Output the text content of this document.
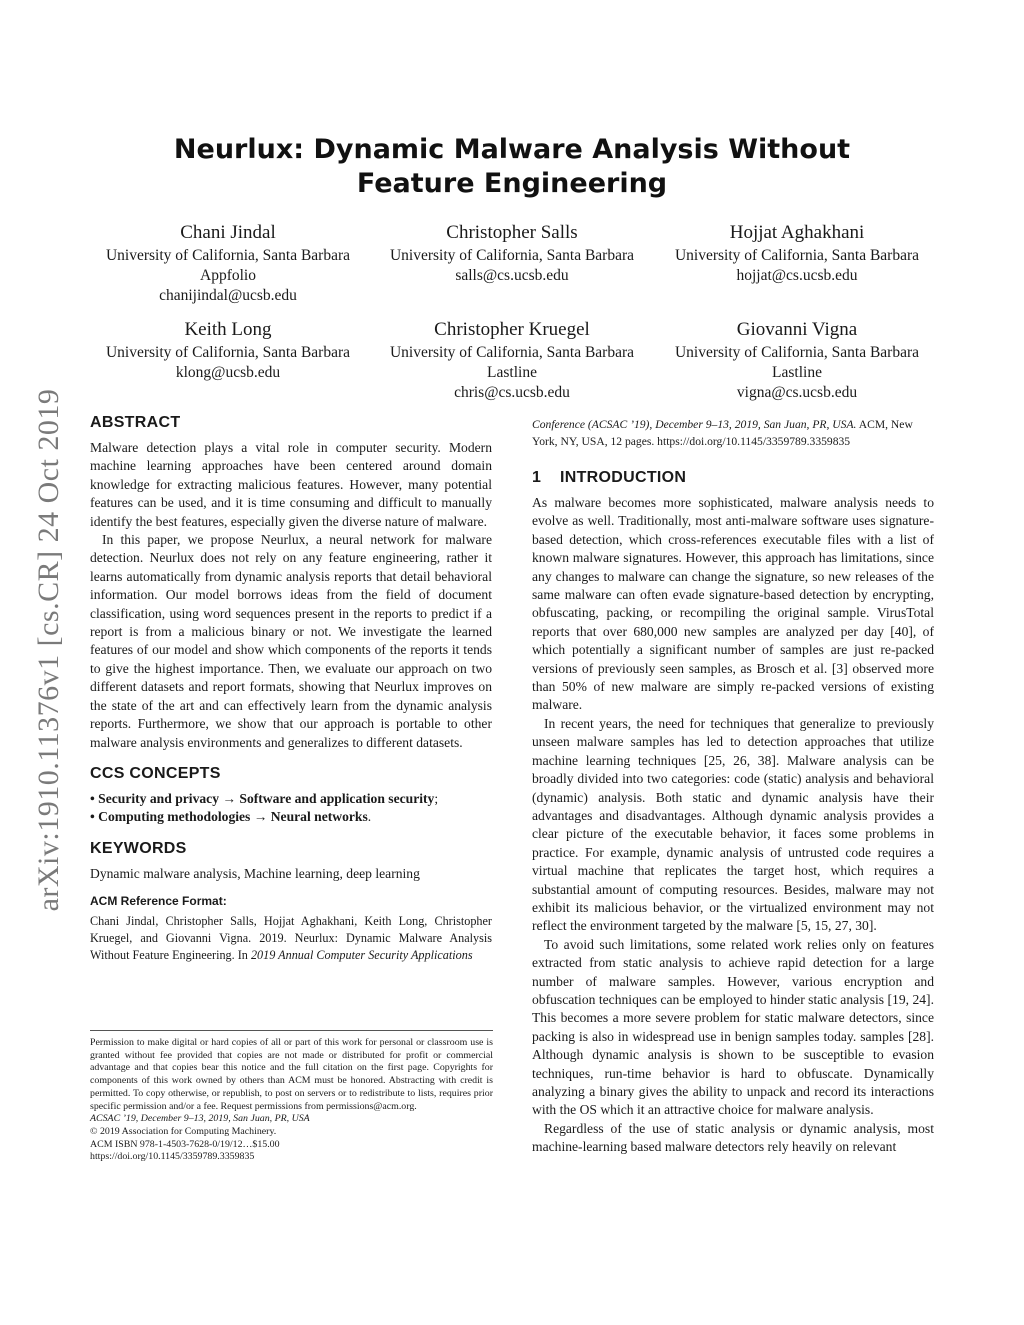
arXiv:1910.11376v1 [cs.CR] 24 Oct 2019
Neurlux: Dynamic Malware Analysis Without Feature Engineering
Chani Jindal
University of California, Santa Barbara
Appfolio
chanijindal@ucsb.edu
Christopher Salls
University of California, Santa Barbara
salls@cs.ucsb.edu
Hojjat Aghakhani
University of California, Santa Barbara
hojjat@cs.ucsb.edu
Keith Long
University of California, Santa Barbara
klong@ucsb.edu
Christopher Kruegel
University of California, Santa Barbara
Lastline
chris@cs.ucsb.edu
Giovanni Vigna
University of California, Santa Barbara
Lastline
vigna@cs.ucsb.edu
ABSTRACT

Malware detection plays a vital role in computer security. Modern machine learning approaches have been centered around domain knowledge for extracting malicious features. However, many potential features can be used, and it is time consuming and difficult to manually identify the best features, especially given the diverse nature of malware.

In this paper, we propose Neurlux, a neural network for malware detection. Neurlux does not rely on any feature engineering, rather it learns automatically from dynamic analysis reports that detail behavioral information. Our model borrows ideas from the field of document classification, using word sequences present in the reports to predict if a report is from a malicious binary or not. We investigate the learned features of our model and show which components of the reports it tends to give the highest importance. Then, we evaluate our approach on two different datasets and report formats, showing that Neurlux improves on the state of the art and can effectively learn from the dynamic analysis reports. Furthermore, we show that our approach is portable to other malware analysis environments and generalizes to different datasets.

CCS CONCEPTS
• Security and privacy → Software and application security;
• Computing methodologies → Neural networks.
KEYWORDS

Dynamic malware analysis, Machine learning, deep learning

ACM Reference Format:

Chani Jindal, Christopher Salls, Hojjat Aghakhani, Keith Long, Christopher Kruegel, and Giovanni Vigna. 2019. Neurlux: Dynamic Malware Analysis Without Feature Engineering. In 2019 Annual Computer Security Applications

Permission to make digital or hard copies of all or part of this work for personal or classroom use is granted without fee provided that copies are not made or distributed for profit or commercial advantage and that copies bear this notice and the full citation on the first page. Copyrights for components of this work owned by others than ACM must be honored. Abstracting with credit is permitted. To copy otherwise, or republish, to post on servers or to redistribute to lists, requires prior specific permission and/or a fee. Request permissions from permissions@acm.org.

ACSAC ’19, December 9–13, 2019, San Juan, PR, USA

© 2019 Association for Computing Machinery.

ACM ISBN 978-1-4503-7628-0/19/12…$15.00

https://doi.org/10.1145/3359789.3359835

Conference (ACSAC ’19), December 9–13, 2019, San Juan, PR, USA. ACM, New York, NY, USA, 12 pages. https://doi.org/10.1145/3359789.3359835

1 INTRODUCTION

As malware becomes more sophisticated, malware analysis needs to evolve as well. Traditionally, most anti-malware software uses signature-based detection, which cross-references executable files with a list of known malware signatures. However, this approach has limitations, since any changes to malware can change the signature, so new releases of the same malware can often evade signature-based detection by encrypting, obfuscating, packing, or recompiling the original sample. VirusTotal reports that over 680,000 new samples are analyzed per day [40], of which potentially a significant number of samples are just re-packed versions of previously seen samples, as Brosch et al. [3] observed more than 50% of new malware are simply re-packed versions of existing malware.

In recent years, the need for techniques that generalize to previously unseen malware samples has led to detection approaches that utilize machine learning techniques [25, 26, 38]. Malware analysis can be broadly divided into two categories: code (static) analysis and behavioral (dynamic) analysis. Both static and dynamic analysis have their advantages and disadvantages. Although dynamic analysis provides a clear picture of the executable behavior, it faces some problems in practice. For example, dynamic analysis of untrusted code requires a virtual machine that replicates the target host, which requires a substantial amount of computing resources. Besides, malware may not exhibit its malicious behavior, or the virtualized environment may not reflect the environment targeted by the malware [5, 15, 27, 30].

To avoid such limitations, some related work relies only on features extracted from static analysis to achieve rapid detection for a large number of malware samples. However, various encryption and obfuscation techniques can be employed to hinder static analysis [19, 24]. This becomes a more severe problem for static malware detectors, since packing is also in widespread use in benign samples today. samples [28]. Although dynamic analysis is shown to be susceptible to evasion techniques, run-time behavior is hard to obfuscate. Dynamically analyzing a binary gives the ability to unpack and record its interactions with the OS which it an attractive choice for malware analysis.

Regardless of the use of static analysis or dynamic analysis, most machine-learning based malware detectors rely heavily on relevant
